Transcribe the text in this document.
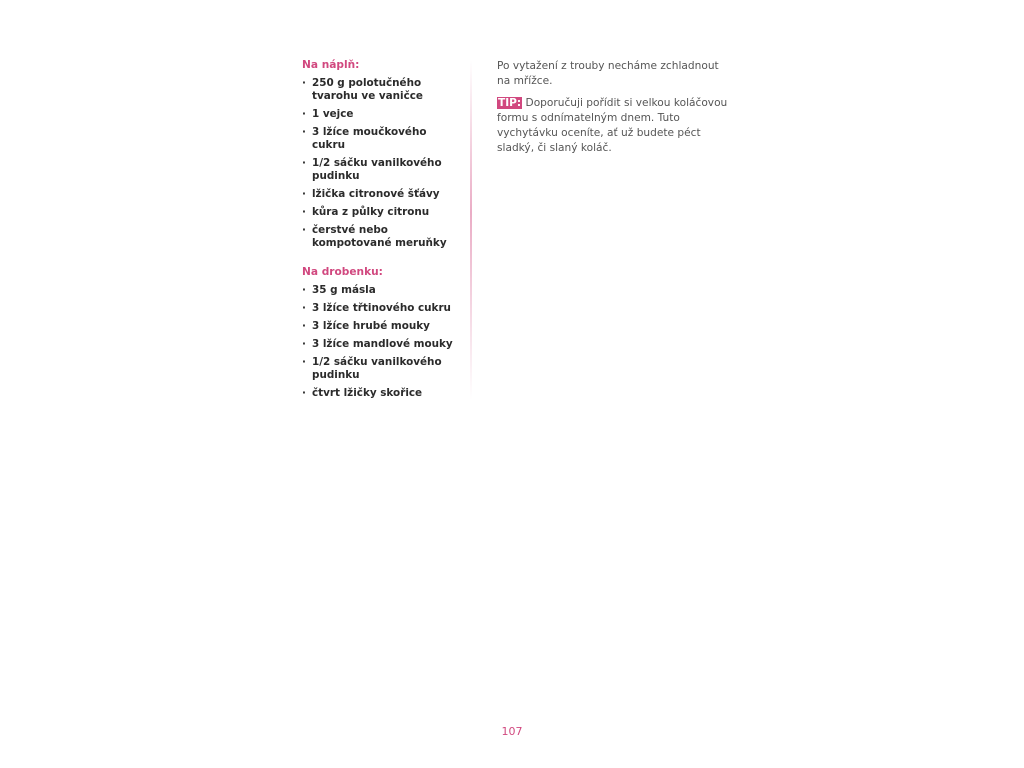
Na náplň:
· 250 g polotučného tvarohu ve vaničce
· 1 vejce
· 3 lžíce moučkového cukru
· 1/2 sáčku vanilkového pudinku
· lžička citronové šťávy
· kůra z půlky citronu
· čerstvé nebo kompotované meruňky
Na drobenku:
· 35 g másla
· 3 lžíce třtinového cukru
· 3 lžíce hrubé mouky
· 3 lžíce mandlové mouky
· 1/2 sáčku vanilkového pudinku
· čtvrt lžičky skořice

Po vytažení z trouby necháme zchladnout na mřížce.

TIP: Doporučuji pořídit si velkou koláčovou formu s odnímatelným dnem. Tuto vychytávku oceníte, ať už budete péct sladký, či slaný koláč.

107
